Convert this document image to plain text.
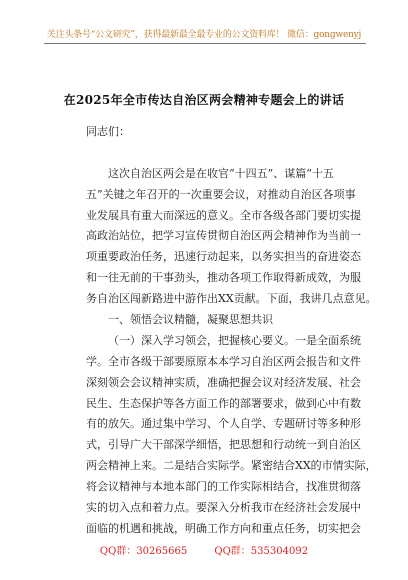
关注头条号“公文研究”，获得最新最全最专业的公文资料库！ 微信：gongwenyj
在2025年全市传达自治区两会精神专题会上的讲话
同志们：
这次自治区两会是在收官“十四五”、谋篇“十五
五”关键之年召开的一次重要会议，对推动自治区各项事
业发展具有重大而深远的意义。全市各级各部门要切实提
高政治站位，把学习宣传贯彻自治区两会精神作为当前一
项重要政治任务，迅速行动起来，以务实担当的奋进姿态
和一往无前的干事劲头，推动各项工作取得新成效，为服
务自治区闯新路进中游作出XX贡献。下面，我讲几点意见。
一、领悟会议精髓，凝聚思想共识
（一）深入学习领会，把握核心要义。一是全面系统
学。全市各级干部要原原本本学习自治区两会报告和文件
深刻领会会议精神实质，准确把握会议对经济发展、社会
民生、生态保护等各方面工作的部署要求，做到心中有数
有的放矢。通过集中学习、个人自学、专题研讨等多种形
式，引导广大干部深学细悟，把思想和行动统一到自治区
两会精神上来。二是结合实际学。紧密结合XX的市情实际，
将会议精神与本地本部门的工作实际相结合，找准贯彻落
实的切入点和着力点。要深入分析我市在经济社会发展中
面临的机遇和挑战，明确工作方向和重点任务，切实把会
QQ群：30265665	QQ群：535304092
